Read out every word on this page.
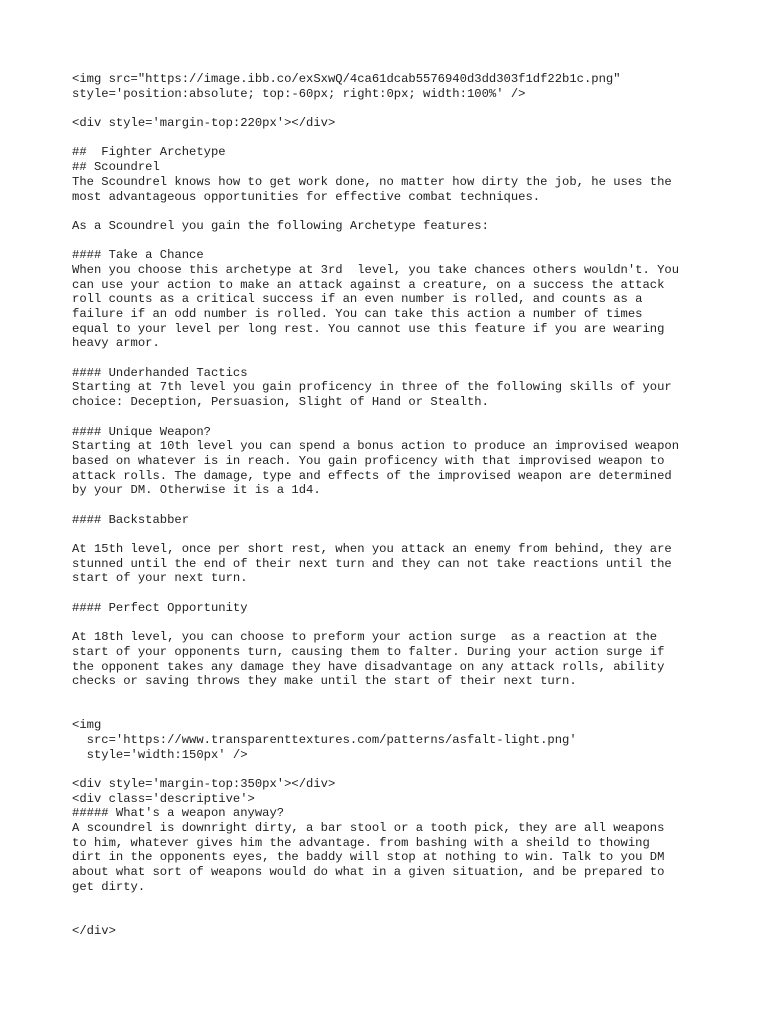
<img src="https://image.ibb.co/exSxwQ/4ca61dcab5576940d3dd303f1df22b1c.png"
style='position:absolute; top:-60px; right:0px; width:100%' />
<div style='margin-top:220px'></div>
##  Fighter Archetype
## Scoundrel
The Scoundrel knows how to get work done, no matter how dirty the job, he uses the
most advantageous opportunities for effective combat techniques.
As a Scoundrel you gain the following Archetype features:
#### Take a Chance
When you choose this archetype at 3rd  level, you take chances others wouldn't. You
can use your action to make an attack against a creature, on a success the attack
roll counts as a critical success if an even number is rolled, and counts as a
failure if an odd number is rolled. You can take this action a number of times
equal to your level per long rest. You cannot use this feature if you are wearing
heavy armor.
#### Underhanded Tactics
Starting at 7th level you gain proficency in three of the following skills of your
choice: Deception, Persuasion, Slight of Hand or Stealth.
#### Unique Weapon?
Starting at 10th level you can spend a bonus action to produce an improvised weapon
based on whatever is in reach. You gain proficency with that improvised weapon to
attack rolls. The damage, type and effects of the improvised weapon are determined
by your DM. Otherwise it is a 1d4.
#### Backstabber
At 15th level, once per short rest, when you attack an enemy from behind, they are
stunned until the end of their next turn and they can not take reactions until the
start of your next turn.
#### Perfect Opportunity
At 18th level, you can choose to preform your action surge  as a reaction at the
start of your opponents turn, causing them to falter. During your action surge if
the opponent takes any damage they have disadvantage on any attack rolls, ability
checks or saving throws they make until the start of their next turn.
<img
src='https://www.transparenttextures.com/patterns/asfalt-light.png'
style='width:150px' />
<div style='margin-top:350px'></div>
<div class='descriptive'>
##### What's a weapon anyway?
A scoundrel is downright dirty, a bar stool or a tooth pick, they are all weapons
to him, whatever gives him the advantage. from bashing with a sheild to thowing
dirt in the opponents eyes, the baddy will stop at nothing to win. Talk to you DM
about what sort of weapons would do what in a given situation, and be prepared to
get dirty.
</div>
